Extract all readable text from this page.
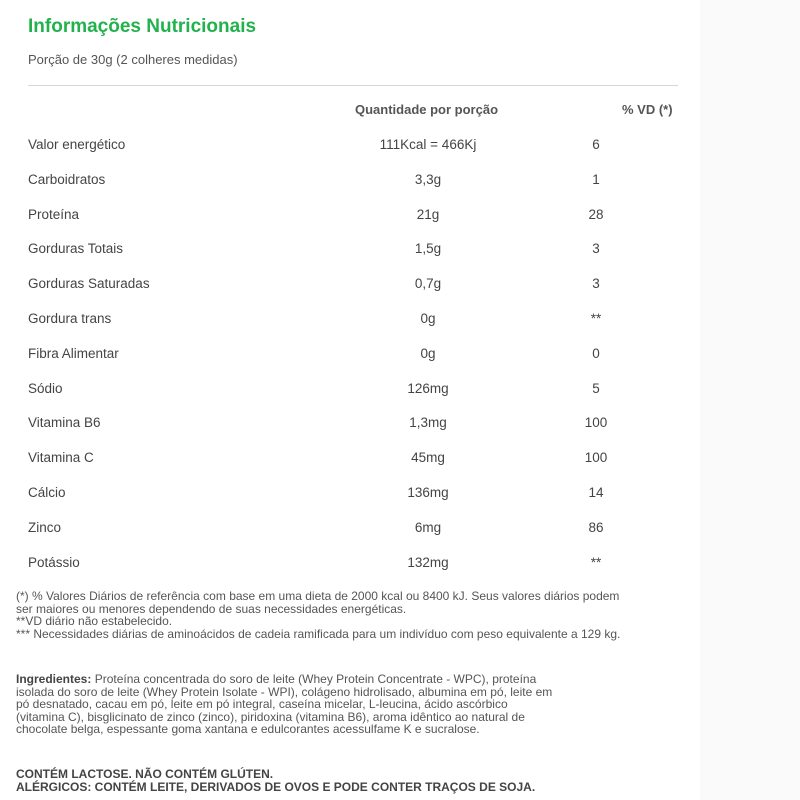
Informações Nutricionais
Porção de 30g (2 colheres medidas)
Quantidade por porção	% VD (*)
Valor energético	111Kcal = 466Kj	6
Carboidratos	3,3g	1
Proteína	21g	28
Gorduras Totais	1,5g	3
Gorduras Saturadas	0,7g	3
Gordura trans	0g	**
Fibra Alimentar	0g	0
Sódio	126mg	5
Vitamina B6	1,3mg	100
Vitamina C	45mg	100
Cálcio	136mg	14
Zinco	6mg	86
Potássio	132mg	**

(*) % Valores Diários de referência com base em uma dieta de 2000 kcal ou 8400 kJ. Seus valores diários podem ser maiores ou menores dependendo de suas necessidades energéticas.

**VD diário não estabelecido.

*** Necessidades diárias de aminoácidos de cadeia ramificada para um indivíduo com peso equivalente a 129 kg.

Ingredientes: Proteína concentrada do soro de leite (Whey Protein Concentrate - WPC), proteína isolada do soro de leite (Whey Protein Isolate - WPI), colágeno hidrolisado, albumina em pó, leite em pó desnatado, cacau em pó, leite em pó integral, caseína micelar, L-leucina, ácido ascórbico (vitamina C), bisglicinato de zinco (zinco), piridoxina (vitamina B6), aroma idêntico ao natural de chocolate belga, espessante goma xantana e edulcorantes acessulfame K e sucralose.

CONTÉM LACTOSE. NÃO CONTÉM GLÚTEN.

ALÉRGICOS: CONTÉM LEITE, DERIVADOS DE OVOS E PODE CONTER TRAÇOS DE SOJA.
